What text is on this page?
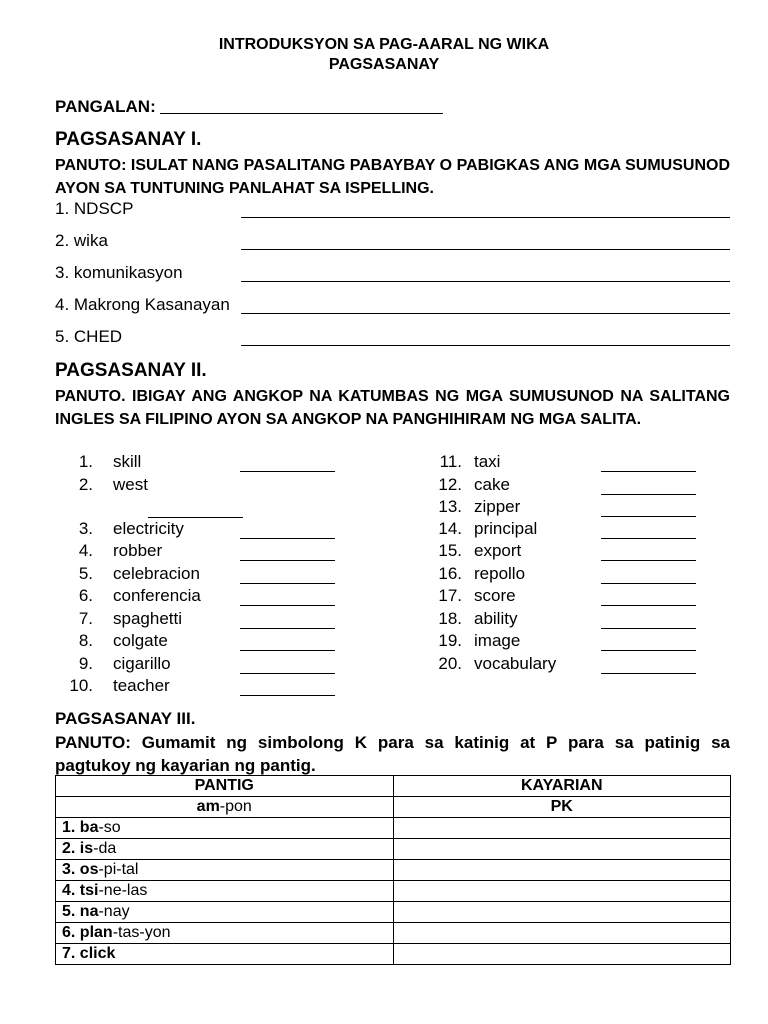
INTRODUKSYON SA PAG-AARAL NG WIKA
PAGSASANAY
PANGALAN:
PAGSASANAY I.
PANUTO: ISULAT NANG PASALITANG PABAYBAY O PABIGKAS ANG MGA SUMUSUNOD AYON SA TUNTUNING PANLAHAT SA ISPELLING.
1. NDSCP
2. wika
3. komunikasyon
4. Makrong Kasanayan
5. CHED
PAGSASANAY II.
PANUTO. IBIGAY ANG ANGKOP NA KATUMBAS NG MGA SUMUSUNOD NA SALITANG INGLES SA FILIPINO AYON SA ANGKOP NA PANGHIHIRAM NG MGA SALITA.
1. skill
2. west
3. electricity
4. robber
5. celebracion
6. conferencia
7. spaghetti
8. colgate
9. cigarillo
10. teacher
11. taxi
12. cake
13. zipper
14. principal
15. export
16. repollo
17. score
18. ability
19. image
20. vocabulary
PAGSASANAY III.
PANUTO: Gumamit ng simbolong K para sa katinig at P para sa patinig sa pagtukoy ng kayarian ng pantig.
PANTIG	KAYARIAN
am-pon	PK
1. ba-so	
2. is-da	
3. os-pi-tal	
4. tsi-ne-las	
5. na-nay	
6. plan-tas-yon	
7. click	
